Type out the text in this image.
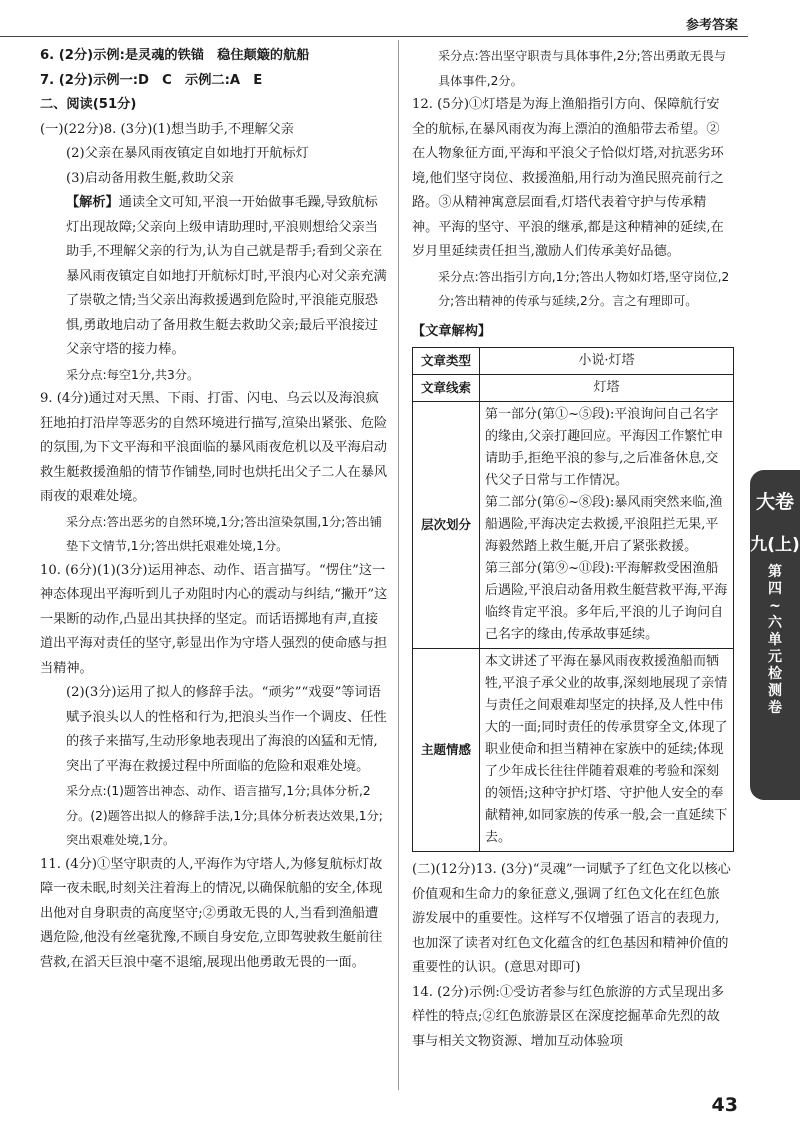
参考答案

6. (2分)示例:是灵魂的铁锚　稳住颠簸的航船

7. (2分)示例一:D　C　示例二:A　E

二、阅读(51分)

(一)(22分)8. (3分)(1)想当助手,不理解父亲

(2)父亲在暴风雨夜镇定自如地打开航标灯

(3)启动备用救生艇,救助父亲

【解析】通读全文可知,平浪一开始做事毛躁,导致航标灯出现故障;父亲向上级申请助理时,平浪则想给父亲当助手,不理解父亲的行为,认为自己就是帮手;看到父亲在暴风雨夜镇定自如地打开航标灯时,平浪内心对父亲充满了崇敬之情;当父亲出海救援遇到危险时,平浪能克服恐惧,勇敢地启动了备用救生艇去救助父亲;最后平浪接过父亲守塔的接力棒。

采分点:每空1分,共3分。

9. (4分)通过对天黑、下雨、打雷、闪电、乌云以及海浪疯狂地拍打沿岸等恶劣的自然环境进行描写,渲染出紧张、危险的氛围,为下文平海和平浪面临的暴风雨夜危机以及平海启动救生艇救援渔船的情节作铺垫,同时也烘托出父子二人在暴风雨夜的艰难处境。

采分点:答出恶劣的自然环境,1分;答出渲染氛围,1分;答出铺垫下文情节,1分;答出烘托艰难处境,1分。

10. (6分)(1)(3分)运用神态、动作、语言描写。“愣住”这一神态体现出平海听到儿子劝阻时内心的震动与纠结,“撇开”这一果断的动作,凸显出其抉择的坚定。而话语掷地有声,直接道出平海对责任的坚守,彰显出作为守塔人强烈的使命感与担当精神。

(2)(3分)运用了拟人的修辞手法。“顽劣”“戏耍”等词语赋予浪头以人的性格和行为,把浪头当作一个调皮、任性的孩子来描写,生动形象地表现出了海浪的凶猛和无情,突出了平海在救援过程中所面临的危险和艰难处境。

采分点:(1)题答出神态、动作、语言描写,1分;具体分析,2分。(2)题答出拟人的修辞手法,1分;具体分析表达效果,1分;突出艰难处境,1分。

11. (4分)①坚守职责的人,平海作为守塔人,为修复航标灯故障一夜未眠,时刻关注着海上的情况,以确保航船的安全,体现出他对自身职责的高度坚守;②勇敢无畏的人,当看到渔船遭遇危险,他没有丝毫犹豫,不顾自身安危,立即驾驶救生艇前往营救,在滔天巨浪中毫不退缩,展现出他勇敢无畏的一面。

采分点:答出坚守职责与具体事件,2分;答出勇敢无畏与具体事件,2分。

12. (5分)①灯塔是为海上渔船指引方向、保障航行安全的航标,在暴风雨夜为海上漂泊的渔船带去希望。②在人物象征方面,平海和平浪父子恰似灯塔,对抗恶劣环境,他们坚守岗位、救援渔船,用行动为渔民照亮前行之路。③从精神寓意层面看,灯塔代表着守护与传承精神。平海的坚守、平浪的继承,都是这种精神的延续,在岁月里延续责任担当,激励人们传承美好品德。

采分点:答出指引方向,1分;答出人物如灯塔,坚守岗位,2分;答出精神的传承与延续,2分。言之有理即可。

【文章解构】
文章类型	小说·灯塔
文章线索	灯塔
层次划分	第一部分(第①~⑤段):平浪询问自己名字的缘由,父亲打趣回应。平海因工作繁忙申请助手,拒绝平浪的参与,之后准备休息,交代父子日常与工作情况。
第二部分(第⑥~⑧段):暴风雨突然来临,渔船遇险,平海决定去救援,平浪阻拦无果,平海毅然踏上救生艇,开启了紧张救援。
第三部分(第⑨~⑪段):平海解救受困渔船后遇险,平浪启动备用救生艇营救平海,平海临终肯定平浪。多年后,平浪的儿子询问自己名字的缘由,传承故事延续。

主题情感	本文讲述了平海在暴风雨夜救援渔船而牺牲,平浪子承父业的故事,深刻地展现了亲情与责任之间艰难却坚定的抉择,及人性中伟大的一面;同时责任的传承贯穿全文,体现了职业使命和担当精神在家族中的延续;体现了少年成长往往伴随着艰难的考验和深刻的领悟;这种守护灯塔、守护他人安全的奉献精神,如同家族的传承一般,会一直延续下去。

(二)(12分)13. (3分)“灵魂”一词赋予了红色文化以核心价值观和生命力的象征意义,强调了红色文化在红色旅游发展中的重要性。这样写不仅增强了语言的表现力,也加深了读者对红色文化蕴含的红色基因和精神价值的重要性的认识。(意思对即可)

14. (2分)示例:①受访者参与红色旅游的方式呈现出多样性的特点;②红色旅游景区在深度挖掘革命先烈的故事与相关文物资源、增加互动体验项

大卷
九(上)
第
四
~
六
单
元
检
测
卷
43
